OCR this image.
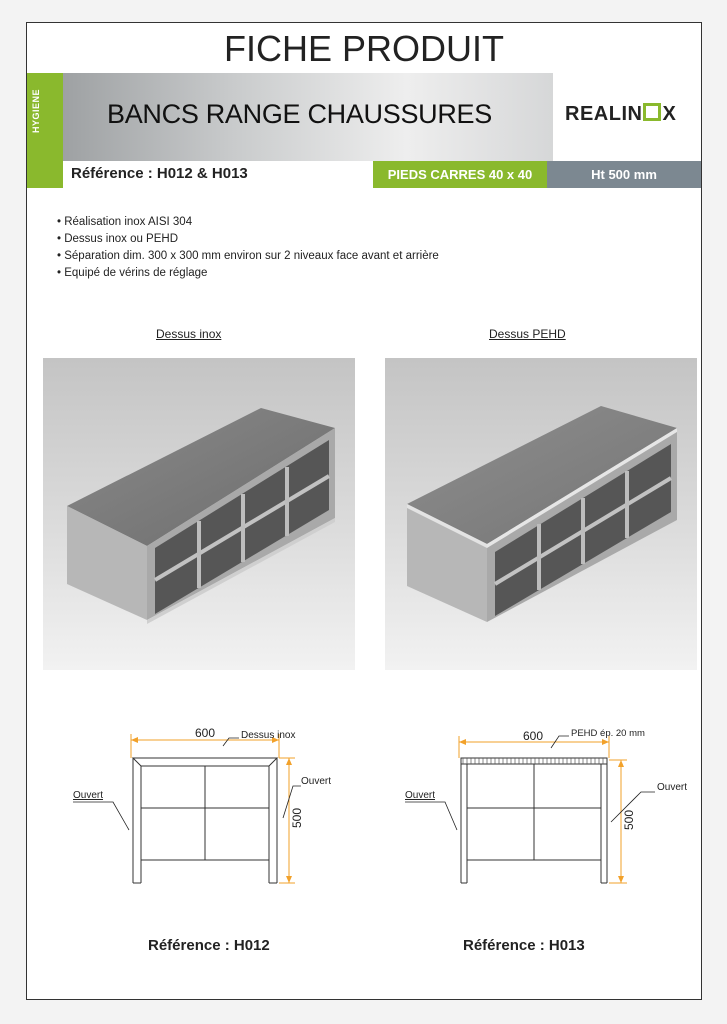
FICHE PRODUIT
HYGIENE BANCS RANGE CHAUSSURES	REALIN X
Référence : H012 & H013	PIEDS CARRES 40 x 40	Ht 500 mm
• Réalisation inox AISI 304
• Dessus inox ou PEHD
• Séparation dim. 300 x 300 mm environ sur 2 niveaux face avant et arrière
• Equipé de vérins de réglage
Dessus inox	Dessus PEHD
600	Dessus inox
500
Ouvert
Ouvert
600	PEHD ép. 20 mm
500
Ouvert
Ouvert
Référence : H012	Référence : H013
